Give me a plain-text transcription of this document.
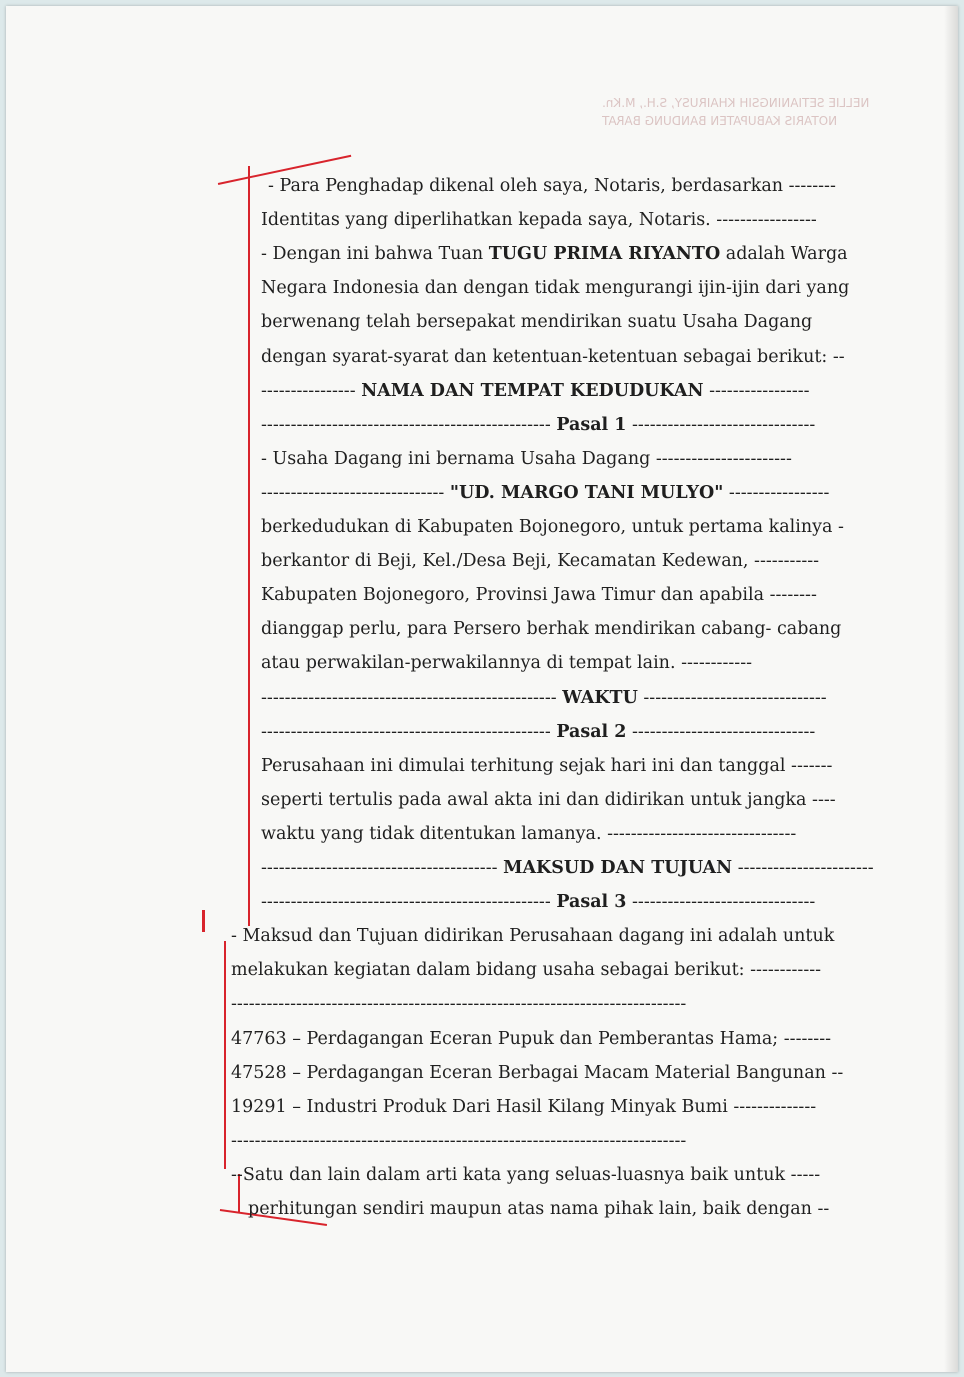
NELLIE SETIANINGSIH KHAIRUSY, S.H., M.Kn.
NOTARIS KABUPATEN BANDUNG BARAT
- Para Penghadap dikenal oleh saya, Notaris, berdasarkan --------
Identitas yang diperlihatkan kepada saya, Notaris. -----------------
- Dengan ini bahwa Tuan TUGU PRIMA RIYANTO adalah Warga
Negara Indonesia dan dengan tidak mengurangi ijin-ijin dari yang
berwenang telah bersepakat mendirikan suatu Usaha Dagang
dengan syarat-syarat dan ketentuan-ketentuan sebagai berikut: --
---------------- NAMA DAN TEMPAT KEDUDUKAN -----------------
------------------------------------------------- Pasal 1 -------------------------------
- Usaha Dagang ini bernama Usaha Dagang -----------------------
------------------------------- "UD. MARGO TANI MULYO" -----------------
berkedudukan di Kabupaten Bojonegoro, untuk pertama kalinya -
berkantor di Beji, Kel./Desa Beji, Kecamatan Kedewan, -----------
Kabupaten Bojonegoro, Provinsi Jawa Timur dan apabila --------
dianggap perlu, para Persero berhak mendirikan cabang- cabang
atau perwakilan-perwakilannya di tempat lain. ------------
-------------------------------------------------- WAKTU -------------------------------
------------------------------------------------- Pasal 2 -------------------------------
Perusahaan ini dimulai terhitung sejak hari ini dan tanggal -------
seperti tertulis pada awal akta ini dan didirikan untuk jangka ----
waktu yang tidak ditentukan lamanya. --------------------------------
---------------------------------------- MAKSUD DAN TUJUAN -----------------------
------------------------------------------------- Pasal 3 -------------------------------
- Maksud dan Tujuan didirikan Perusahaan dagang ini adalah untuk
melakukan kegiatan dalam bidang usaha sebagai berikut: ------------
-----------------------------------------------------------------------------
47763 – Perdagangan Eceran Pupuk dan Pemberantas Hama; --------
47528 – Perdagangan Eceran Berbagai Macam Material Bangunan --
19291 – Industri Produk Dari Hasil Kilang Minyak Bumi --------------
-----------------------------------------------------------------------------
--Satu dan lain dalam arti kata yang seluas-luasnya baik untuk -----
perhitungan sendiri maupun atas nama pihak lain, baik dengan --
